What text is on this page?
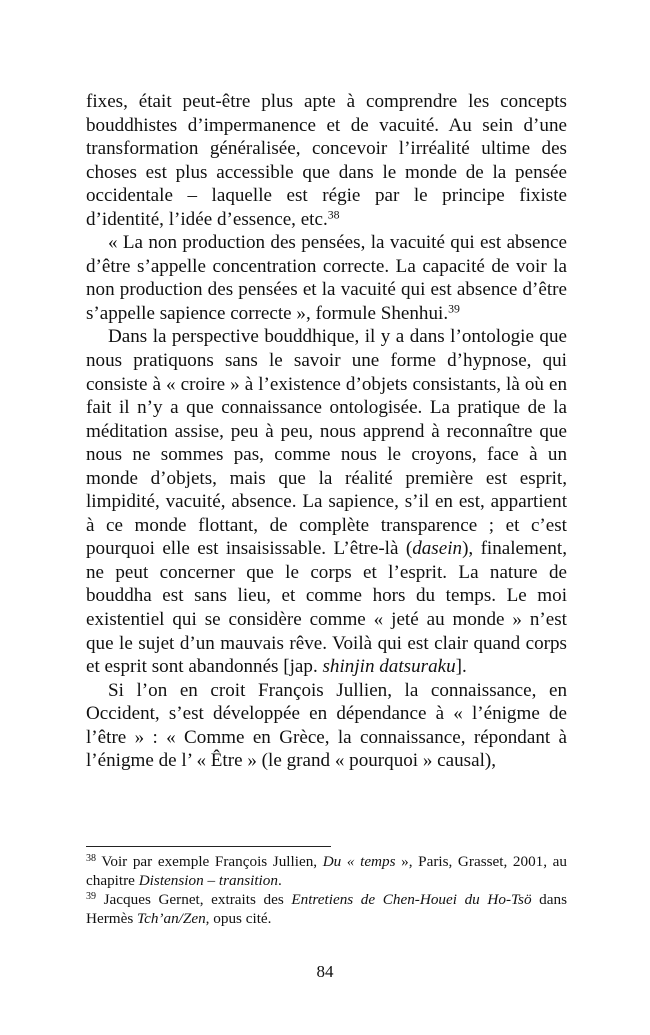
fixes, était peut-être plus apte à comprendre les concepts bouddhistes d’impermanence et de vacuité. Au sein d’une transformation généralisée, concevoir l’irréalité ultime des choses est plus accessible que dans le monde de la pensée occidentale – laquelle est régie par le principe fixiste d’identité, l’idée d’essence, etc.$^{38}$

« La non production des pensées, la vacuité qui est absence d’être s’appelle concentration correcte. La capacité de voir la non production des pensées et la vacuité qui est absence d’être s’appelle sapience correcte », formule Shenhui.$^{39}$

Dans la perspective bouddhique, il y a dans l’ontologie que nous pratiquons sans le savoir une forme d’hypnose, qui consiste à « croire » à l’existence d’objets consistants, là où en fait il n’y a que connaissance ontologisée. La pratique de la méditation assise, peu à peu, nous apprend à reconnaître que nous ne sommes pas, comme nous le croyons, face à un monde d’objets, mais que la réalité première est esprit, limpidité, vacuité, absence. La sapience, s’il en est, appartient à ce monde flottant, de complète transparence ; et c’est pourquoi elle est insaisissable. L’être-là (dasein), finalement, ne peut concerner que le corps et l’esprit. La nature de bouddha est sans lieu, et comme hors du temps. Le moi existentiel qui se considère comme « jeté au monde » n’est que le sujet d’un mauvais rêve. Voilà qui est clair quand corps et esprit sont abandonnés [jap. shinjin datsuraku].

Si l’on en croit François Jullien, la connaissance, en Occident, s’est développée en dépendance à « l’énigme de l’être » : « Comme en Grèce, la connaissance, répondant à l’énigme de l’ « Être » (le grand « pourquoi » causal),

$^{38}$ Voir par exemple François Jullien, Du « temps », Paris, Grasset, 2001, au chapitre Distension – transition.

$^{39}$ Jacques Gernet, extraits des Entretiens de Chen-Houei du Ho-Tsö dans Hermès Tch’an/Zen, opus cité.

84
